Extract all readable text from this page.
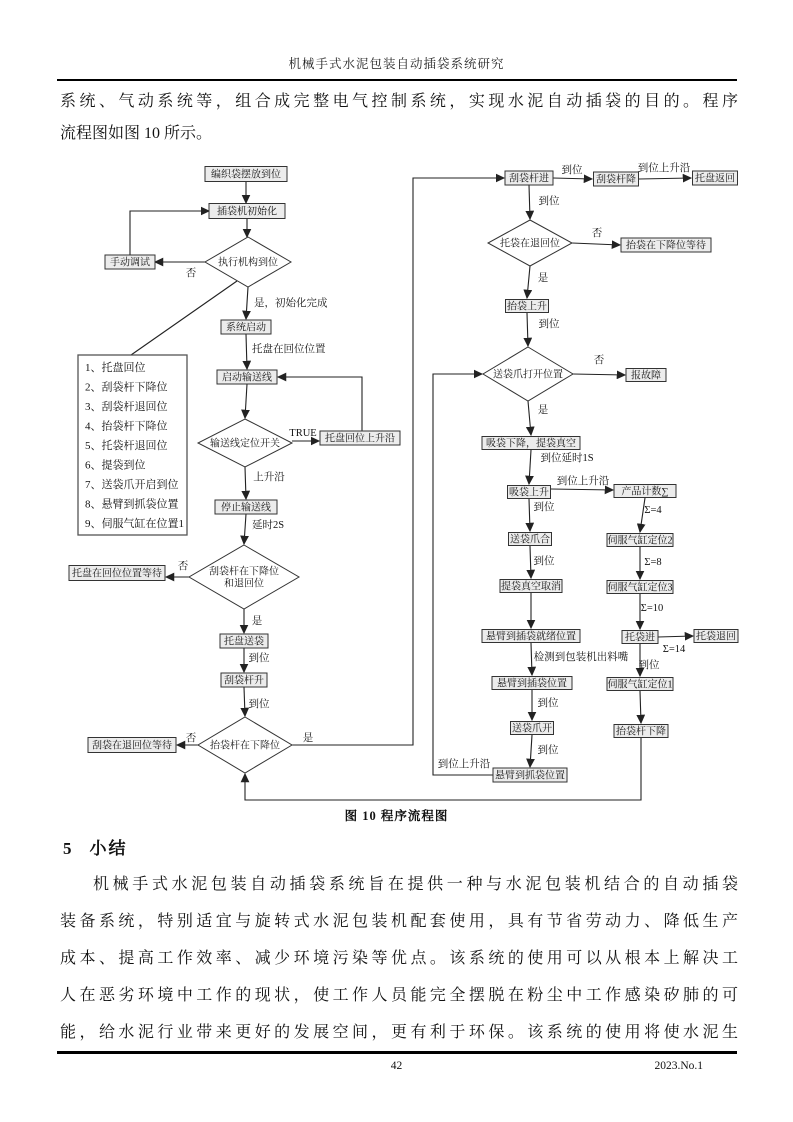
机械手式水泥包装自动插袋系统研究
系统、气动系统等，组合成完整电气控制系统，实现水泥自动插袋的目的。程序
流程图如图 10 所示。
编织袋摆放到位
插袋机初始化
手动调试	执行机构到位
系统启动
启动输送线
输送线定位开关	托盘回位上升沿
停止输送线
刮袋杆在下降位
和退回位
托盘在回位位置等待
托盘送袋
刮袋杆升
抬袋杆在下降位
刮袋在退回位等待
刮袋杆进	刮袋杆降	托盘返回
托袋在退回位	抬袋在下降位等待
抬袋上升
送袋爪打开位置	报故障
吸袋下降，提袋真空
吸袋上升	产品计数∑
送袋爪合
提袋真空取消
伺服气缸定位2
伺服气缸定位3
托袋进	托袋退回
悬臂到插袋就绪位置
悬臂到插袋位置
送袋爪开
悬臂到抓袋位置
伺服气缸定位1
抬袋杆下降
否
是，初始化完成
托盘在回位位置
TRUE
上升沿
延时2S
否
是
到位
到位
否	是
到位	到位上升沿
到位
否
是
到位
否
是
到位延时1S
到位上升沿
到位
到位
Σ=4
Σ=8
Σ=10
Σ=14
到位
检测到包装机出料嘴
到位
到位
到位上升沿
1、托盘回位
2、刮袋杆下降位
3、刮袋杆退回位
4、抬袋杆下降位
5、托袋杆退回位
6、提袋到位
7、送袋爪开启到位
8、悬臂到抓袋位置
9、伺服气缸在位置1
图 10 程序流程图
5 小结
机械手式水泥包装自动插袋系统旨在提供一种与水泥包装机结合的自动插袋
装备系统，特别适宜与旋转式水泥包装机配套使用，具有节省劳动力、降低生产
成本、提高工作效率、减少环境污染等优点。该系统的使用可以从根本上解决工
人在恶劣环境中工作的现状，使工作人员能完全摆脱在粉尘中工作感染矽肺的可
能，给水泥行业带来更好的发展空间，更有利于环保。该系统的使用将使水泥生
42	2023.No.1
